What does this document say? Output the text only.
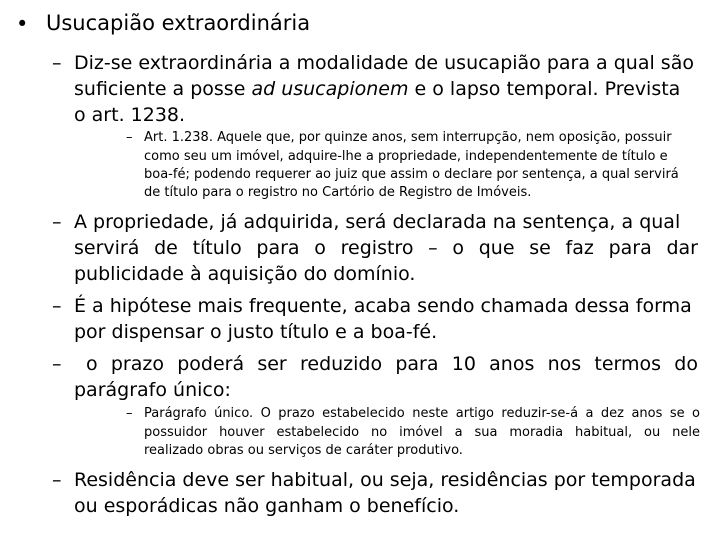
• Usucapião extraordinária
– Diz-se extraordinária a modalidade de usucapião para a qual são
suficiente a posse ad usucapionem e o lapso temporal. Prevista
o art. 1238.
– Art. 1.238. Aquele que, por quinze anos, sem interrupção, nem oposição, possuir
como seu um imóvel, adquire-lhe a propriedade, independentemente de título e
boa-fé; podendo requerer ao juiz que assim o declare por sentença, a qual servirá
de título para o registro no Cartório de Registro de Imóveis.
– A propriedade, já adquirida, será declarada na sentença, a qual
servirá de título para o registro – o que se faz para dar
publicidade à aquisição do domínio.
– É a hipótese mais frequente, acaba sendo chamada dessa forma
por dispensar o justo título e a boa-fé.
– o prazo poderá ser reduzido para 10 anos nos termos do
parágrafo único:
– Parágrafo único. O prazo estabelecido neste artigo reduzir-se-á a dez anos se o
possuidor houver estabelecido no imóvel a sua moradia habitual, ou nele
realizado obras ou serviços de caráter produtivo.
– Residência deve ser habitual, ou seja, residências por temporada
ou esporádicas não ganham o benefício.
